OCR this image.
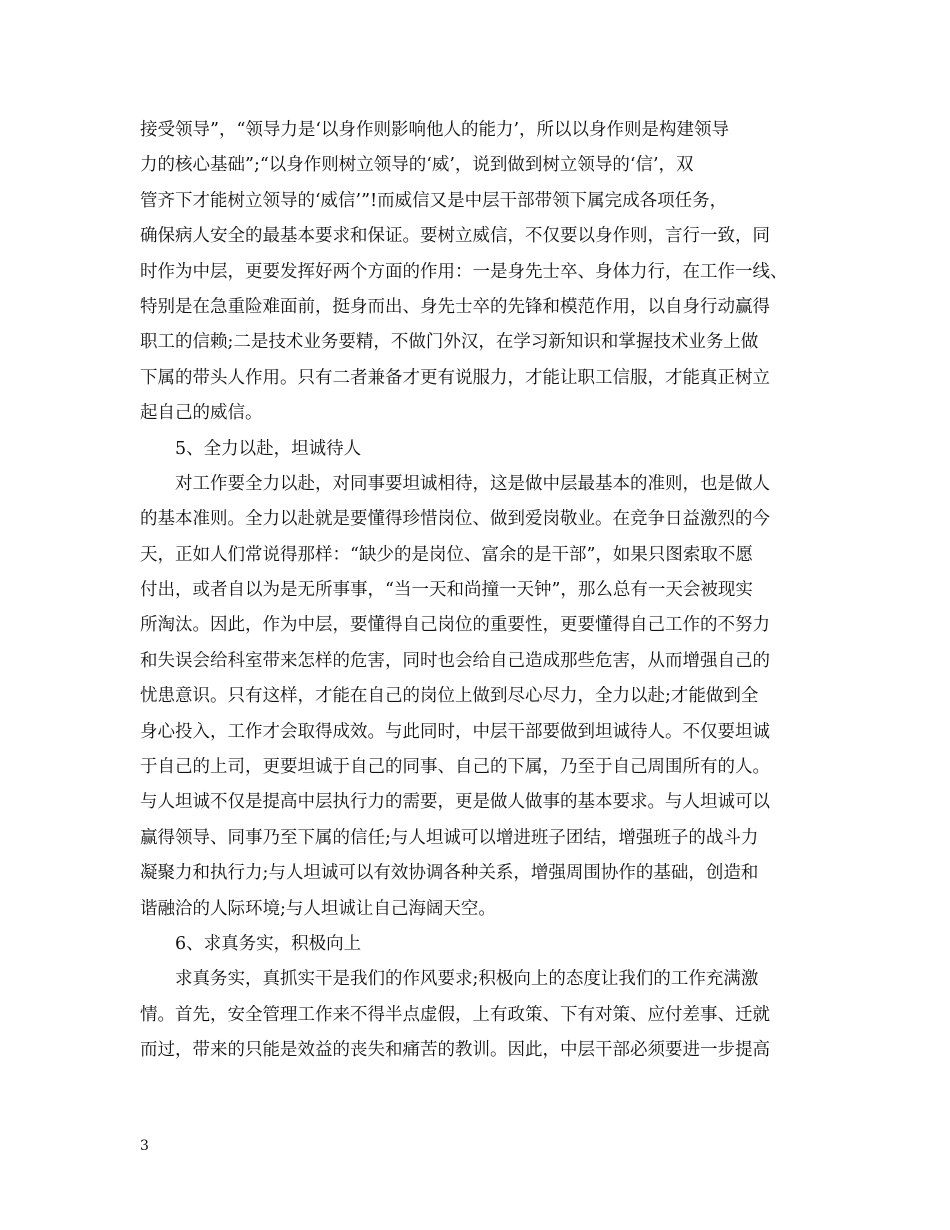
接受领导”，“领导力是‘以身作则影响他人的能力’，所以以身作则是构建领导
力的核心基础”;“以身作则树立领导的‘威’，说到做到树立领导的‘信’，双
管齐下才能树立领导的‘威信’”!而威信又是中层干部带领下属完成各项任务，
确保病人安全的最基本要求和保证。要树立威信，不仅要以身作则，言行一致，同
时作为中层，更要发挥好两个方面的作用：一是身先士卒、身体力行，在工作一线、
特别是在急重险难面前，挺身而出、身先士卒的先锋和模范作用，以自身行动赢得
职工的信赖;二是技术业务要精，不做门外汉，在学习新知识和掌握技术业务上做
下属的带头人作用。只有二者兼备才更有说服力，才能让职工信服，才能真正树立
起自己的威信。
　　5、全力以赴，坦诚待人
　　对工作要全力以赴，对同事要坦诚相待，这是做中层最基本的准则，也是做人
的基本准则。全力以赴就是要懂得珍惜岗位、做到爱岗敬业。在竞争日益激烈的今
天，正如人们常说得那样：“缺少的是岗位、富余的是干部”，如果只图索取不愿
付出，或者自以为是无所事事，“当一天和尚撞一天钟”，那么总有一天会被现实
所淘汰。因此，作为中层，要懂得自己岗位的重要性，更要懂得自己工作的不努力
和失误会给科室带来怎样的危害，同时也会给自己造成那些危害，从而增强自己的
忧患意识。只有这样，才能在自己的岗位上做到尽心尽力，全力以赴;才能做到全
身心投入，工作才会取得成效。与此同时，中层干部要做到坦诚待人。不仅要坦诚
于自己的上司，更要坦诚于自己的同事、自己的下属，乃至于自己周围所有的人。
与人坦诚不仅是提高中层执行力的需要，更是做人做事的基本要求。与人坦诚可以
赢得领导、同事乃至下属的信任;与人坦诚可以增进班子团结，增强班子的战斗力
凝聚力和执行力;与人坦诚可以有效协调各种关系，增强周围协作的基础，创造和
谐融洽的人际环境;与人坦诚让自己海阔天空。
　　6、求真务实，积极向上
　　求真务实，真抓实干是我们的作风要求;积极向上的态度让我们的工作充满激
情。首先，安全管理工作来不得半点虚假，上有政策、下有对策、应付差事、迁就
而过，带来的只能是效益的丧失和痛苦的教训。因此，中层干部必须要进一步提高
3
